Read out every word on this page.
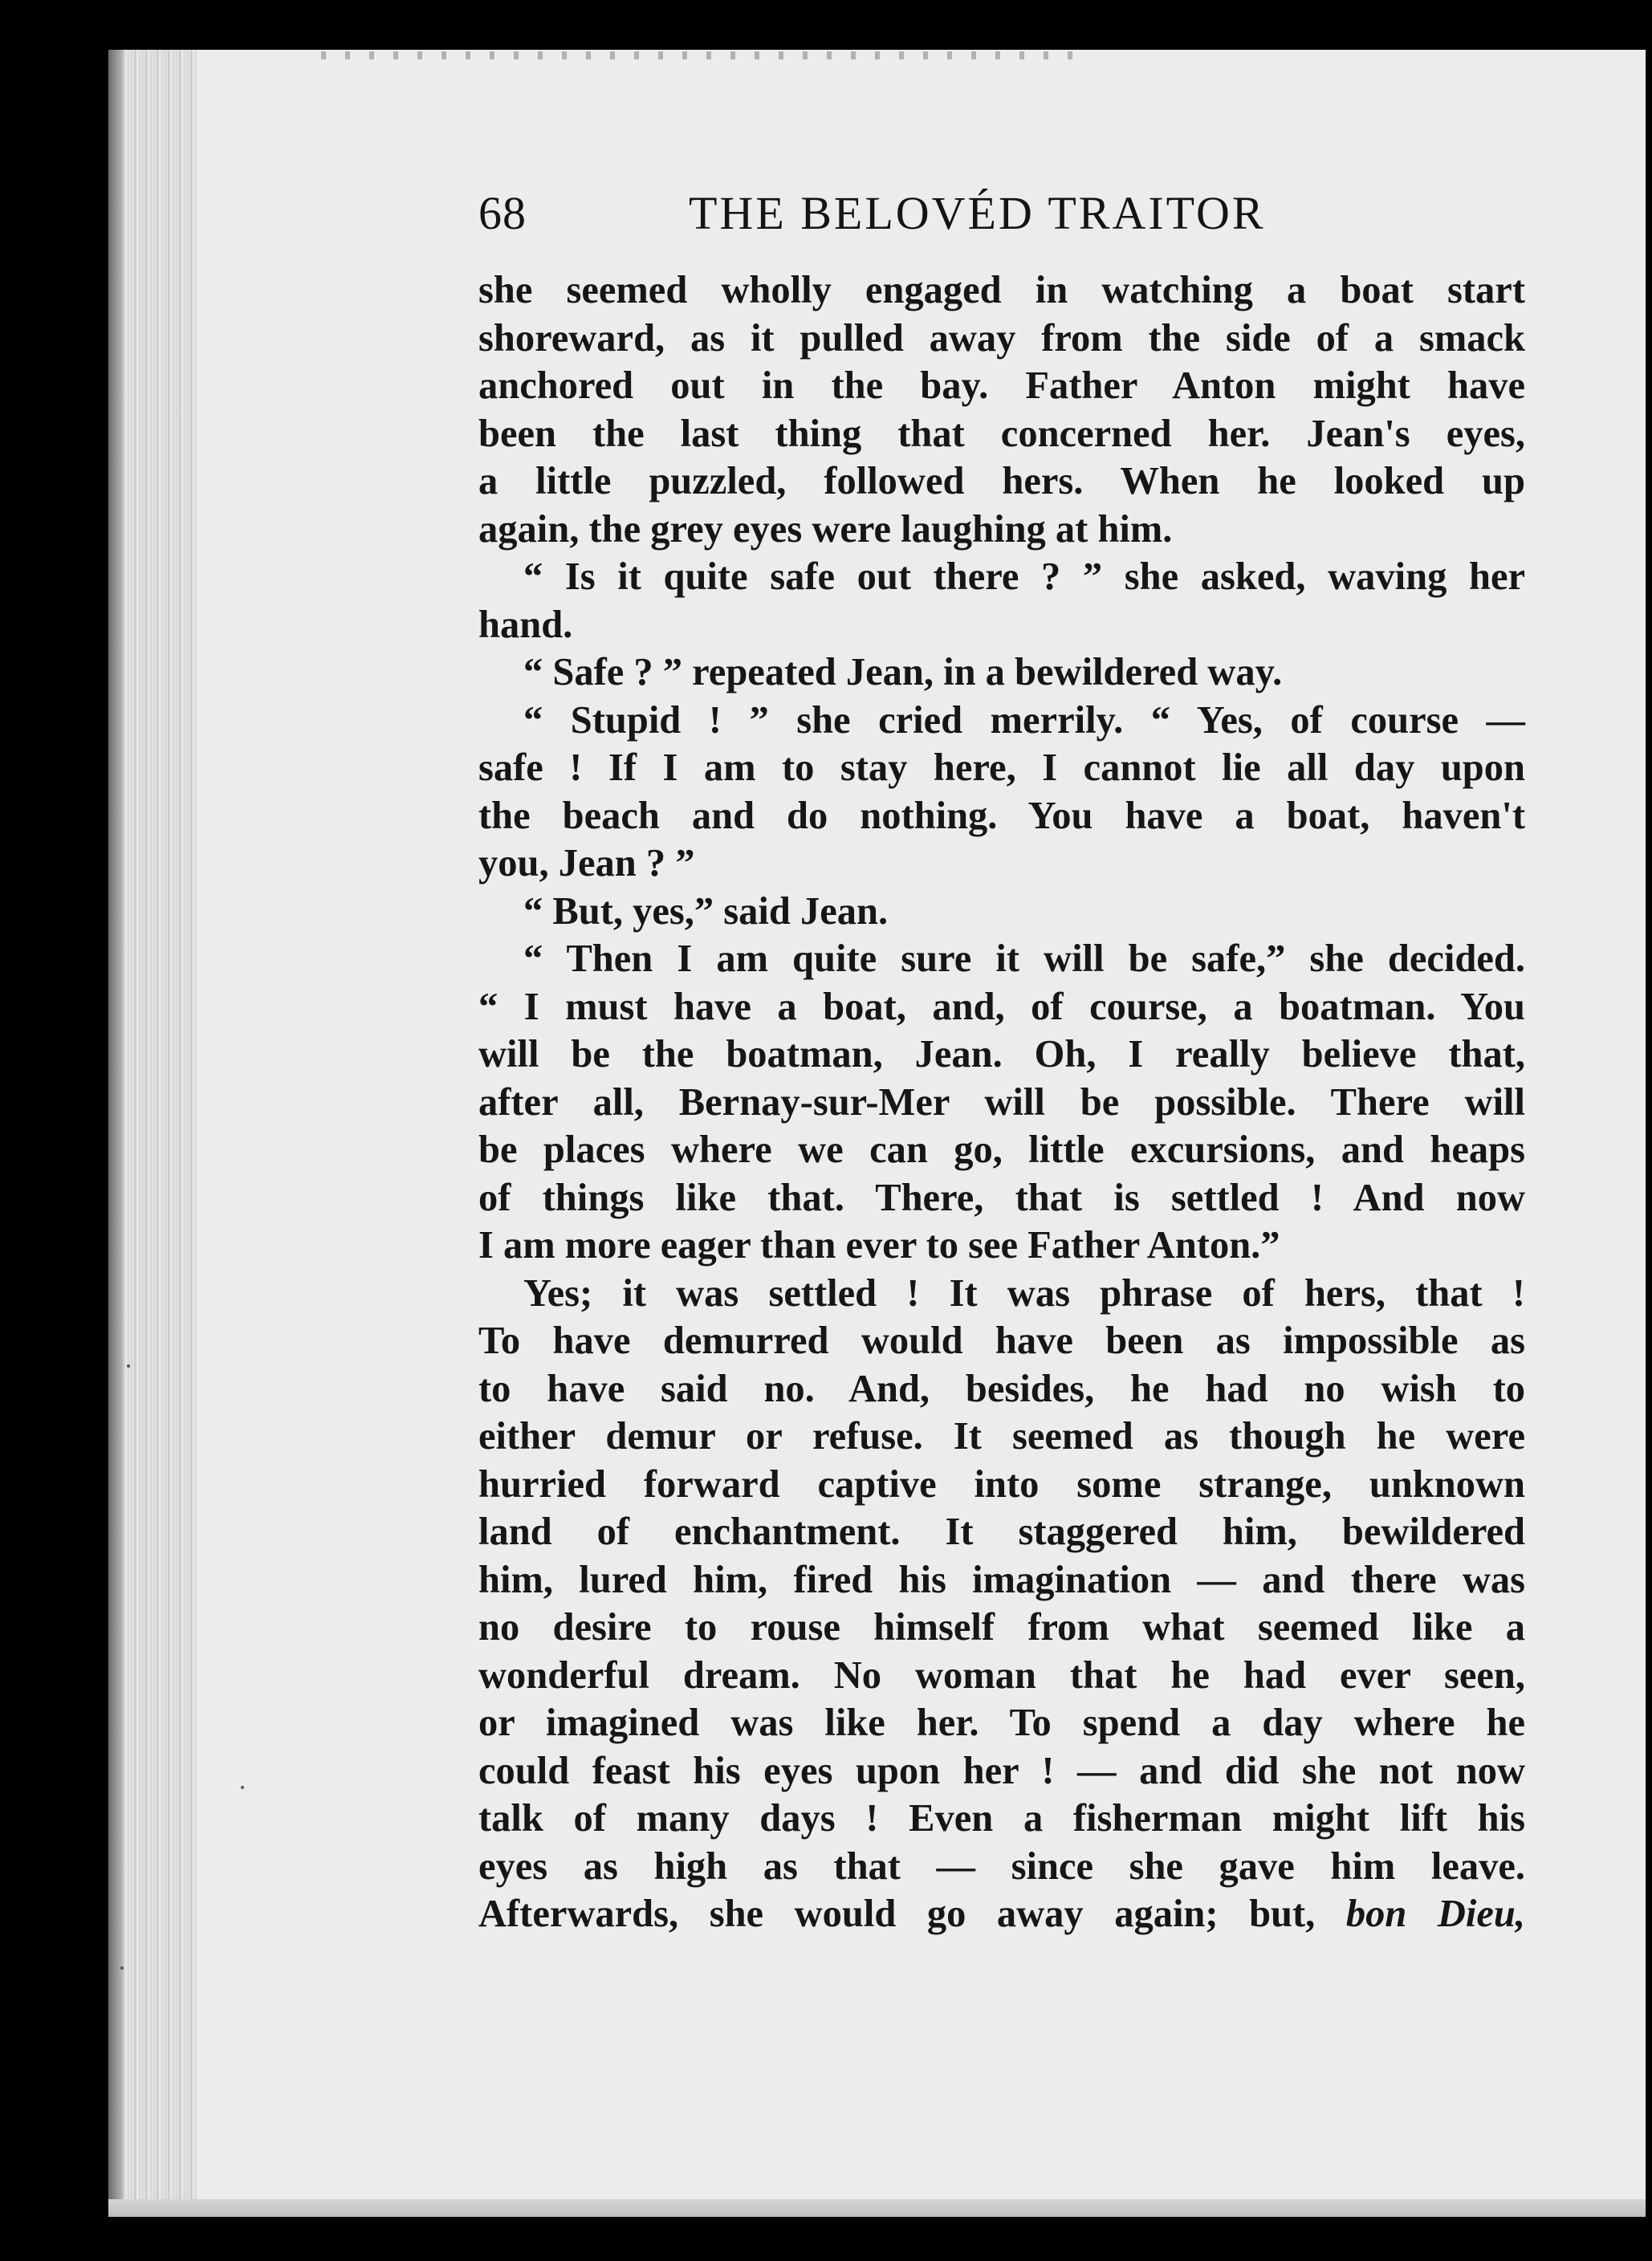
68	THE BELOVÉD TRAITOR

she seemed wholly engaged in watching a boat start

shoreward, as it pulled away from the side of a smack

anchored out in the bay. Father Anton might have

been the last thing that concerned her. Jean's eyes,

a little puzzled, followed hers. When he looked up

again, the grey eyes were laughing at him.

“ Is it quite safe out there ? ” she asked, waving her

hand.

“ Safe ? ” repeated Jean, in a bewildered way.

“ Stupid ! ” she cried merrily. “ Yes, of course —

safe ! If I am to stay here, I cannot lie all day upon

the beach and do nothing. You have a boat, haven't

you, Jean ? ”

“ But, yes,” said Jean.

“ Then I am quite sure it will be safe,” she decided.

“ I must have a boat, and, of course, a boatman. You

will be the boatman, Jean. Oh, I really believe that,

after all, Bernay-sur-Mer will be possible. There will

be places where we can go, little excursions, and heaps

of things like that. There, that is settled ! And now

I am more eager than ever to see Father Anton.”

Yes; it was settled ! It was phrase of hers, that !

To have demurred would have been as impossible as

to have said no. And, besides, he had no wish to

either demur or refuse. It seemed as though he were

hurried forward captive into some strange, unknown

land of enchantment. It staggered him, bewildered

him, lured him, fired his imagination — and there was

no desire to rouse himself from what seemed like a

wonderful dream. No woman that he had ever seen,

or imagined was like her. To spend a day where he

could feast his eyes upon her ! — and did she not now

talk of many days ! Even a fisherman might lift his

eyes as high as that — since she gave him leave.

Afterwards, she would go away again; but, bon Dieu,
